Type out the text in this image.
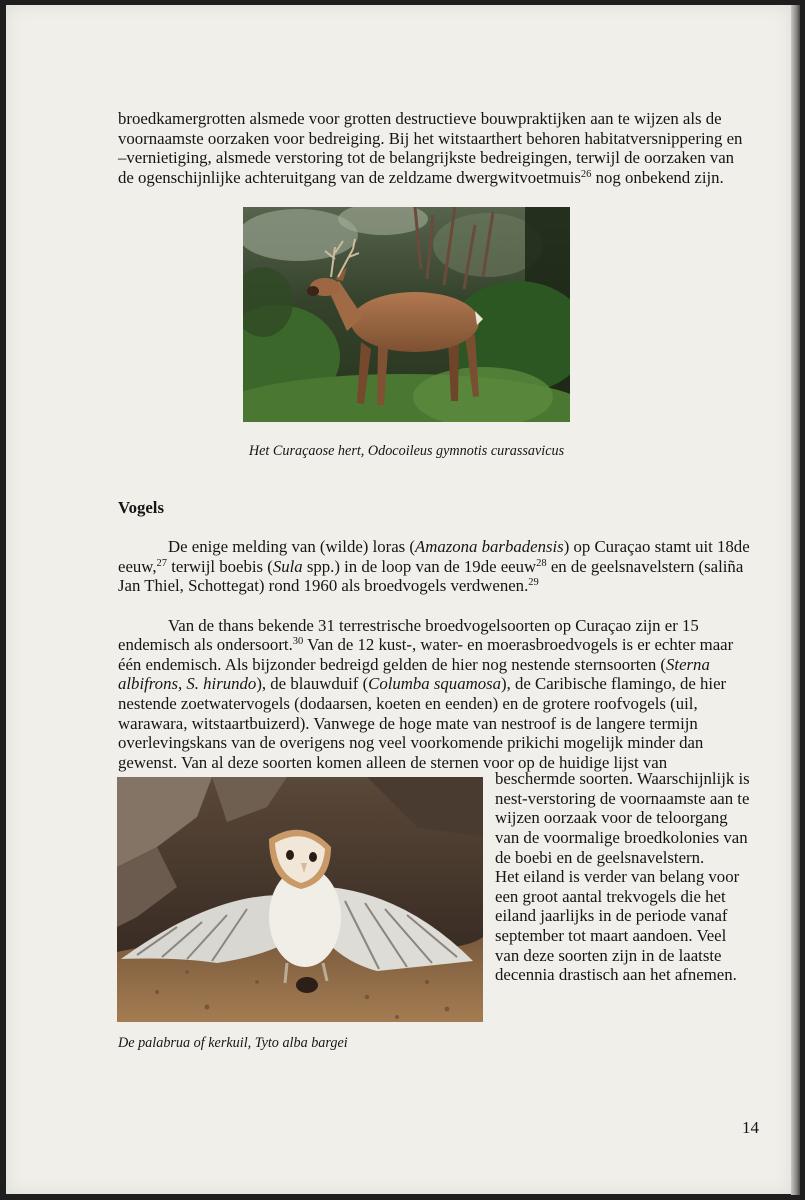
broedkamergrotten alsmede voor grotten destructieve bouwpraktijken aan te wijzen als de
voornaamste oorzaken voor bedreiging. Bij het witstaarthert behoren habitatversnippering en
–vernietiging, alsmede verstoring tot de belangrijkste bedreigingen, terwijl de oorzaken van
de ogenschijnlijke achteruitgang van de zeldzame dwergwitvoetmuis$^{26}$ nog onbekend zijn.
Het Curaçaose hert, Odocoileus gymnotis curassavicus
Vogels
De enige melding van (wilde) loras (Amazona barbadensis) op Curaçao stamt uit 18de
eeuw,$^{27}$ terwijl boebis (Sula spp.) in de loop van de 19de eeuw$^{28}$ en de geelsnavelstern (saliña
Jan Thiel, Schottegat) rond 1960 als broedvogels verdwenen.$^{29}$
Van de thans bekende 31 terrestrische broedvogelsoorten op Curaçao zijn er 15
endemisch als ondersoort.$^{30}$ Van de 12 kust-, water- en moerasbroedvogels is er echter maar
één endemisch. Als bijzonder bedreigd gelden de hier nog nestende sternsoorten (Sterna
albifrons, S. hirundo), de blauwduif (Columba squamosa), de Caribische flamingo, de hier
nestende zoetwatervogels (dodaarsen, koeten en eenden) en de grotere roofvogels (uil,
warawara, witstaartbuizerd). Vanwege de hoge mate van nestroof is de langere termijn
overlevingskans van de overigens nog veel voorkomende prikichi mogelijk minder dan
gewenst. Van al deze soorten komen alleen de sternen voor op de huidige lijst van
De palabrua of kerkuil, Tyto alba bargei
beschermde soorten. Waarschijnlijk is
nest-verstoring de voornaamste aan te
wijzen oorzaak voor de teloorgang
van de voormalige broedkolonies van
de boebi en de geelsnavelstern.
Het eiland is verder van belang voor
een groot aantal trekvogels die het
eiland jaarlijks in de periode vanaf
september tot maart aandoen. Veel
van deze soorten zijn in de laatste
decennia drastisch aan het afnemen.
14
